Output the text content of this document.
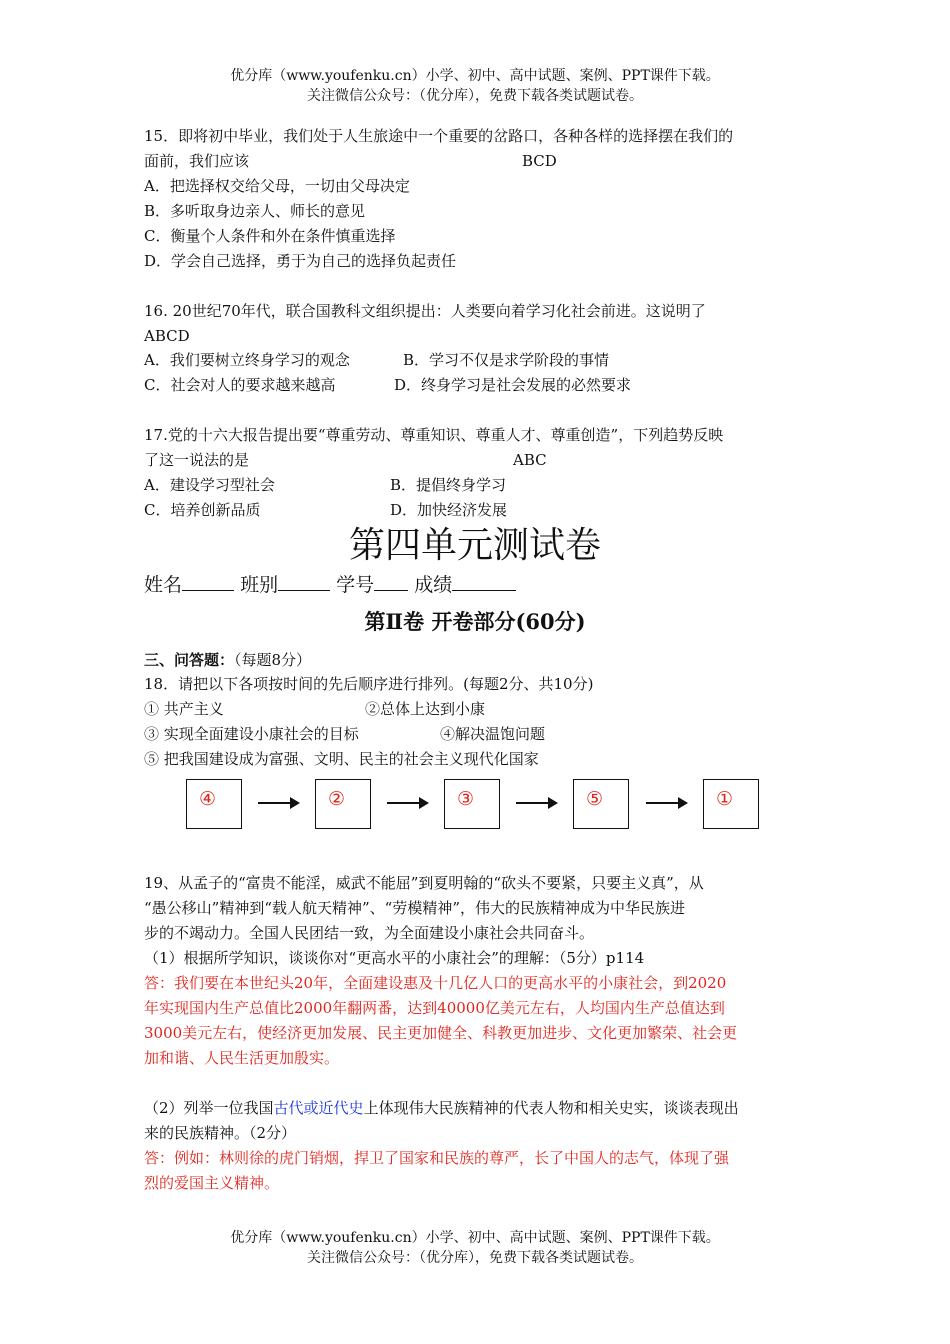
优分库（www.youfenku.cn）小学、初中、高中试题、案例、PPT课件下载。
关注微信公众号：（优分库），免费下载各类试题试卷。
15．即将初中毕业，我们处于人生旅途中一个重要的岔路口，各种各样的选择摆在我们的
面前，我们应该	BCD
A．把选择权交给父母，一切由父母决定
B．多听取身边亲人、师长的意见
C．衡量个人条件和外在条件慎重选择
D．学会自己选择，勇于为自己的选择负起责任
16. 20世纪70年代，联合国教科文组织提出：人类要向着学习化社会前进。这说明了
ABCD
A．我们要树立终身学习的观念	B．学习不仅是求学阶段的事情
C．社会对人的要求越来越高	D．终身学习是社会发展的必然要求
17.党的十六大报告提出要“尊重劳动、尊重知识、尊重人才、尊重创造”，下列趋势反映
了这一说法的是	ABC
A．建设学习型社会	B．提倡终身学习
C．培养创新品质	D．加快经济发展
第四单元测试卷
姓名	班别	学号 成绩
第Ⅱ卷 开卷部分(60分)
三、问答题：（每题8分）
18．请把以下各项按时间的先后顺序进行排列。(每题2分、共10分)
① 共产主义	②总体上达到小康
③ 实现全面建设小康社会的目标	④解决温饱问题
⑤ 把我国建设成为富强、文明、民主的社会主义现代化国家
④	②	③	⑤	①
19、从孟子的“富贵不能淫，威武不能屈”到夏明翰的“砍头不要紧，只要主义真”，从
“愚公移山”精神到“载人航天精神”、“劳模精神”，伟大的民族精神成为中华民族进
步的不竭动力。全国人民团结一致，为全面建设小康社会共同奋斗。
（1）根据所学知识，谈谈你对“更高水平的小康社会”的理解：（5分）p114
答：我们要在本世纪头20年，全面建设惠及十几亿人口的更高水平的小康社会，到2020
年实现国内生产总值比2000年翻两番，达到40000亿美元左右，人均国内生产总值达到
3000美元左右，使经济更加发展、民主更加健全、科教更加进步、文化更加繁荣、社会更
加和谐、人民生活更加殷实。
（2）列举一位我国古代或近代史上体现伟大民族精神的代表人物和相关史实，谈谈表现出
来的民族精神。（2分）
答：例如：林则徐的虎门销烟，捍卫了国家和民族的尊严，长了中国人的志气，体现了强
烈的爱国主义精神。
优分库（www.youfenku.cn）小学、初中、高中试题、案例、PPT课件下载。
关注微信公众号：（优分库），免费下载各类试题试卷。
